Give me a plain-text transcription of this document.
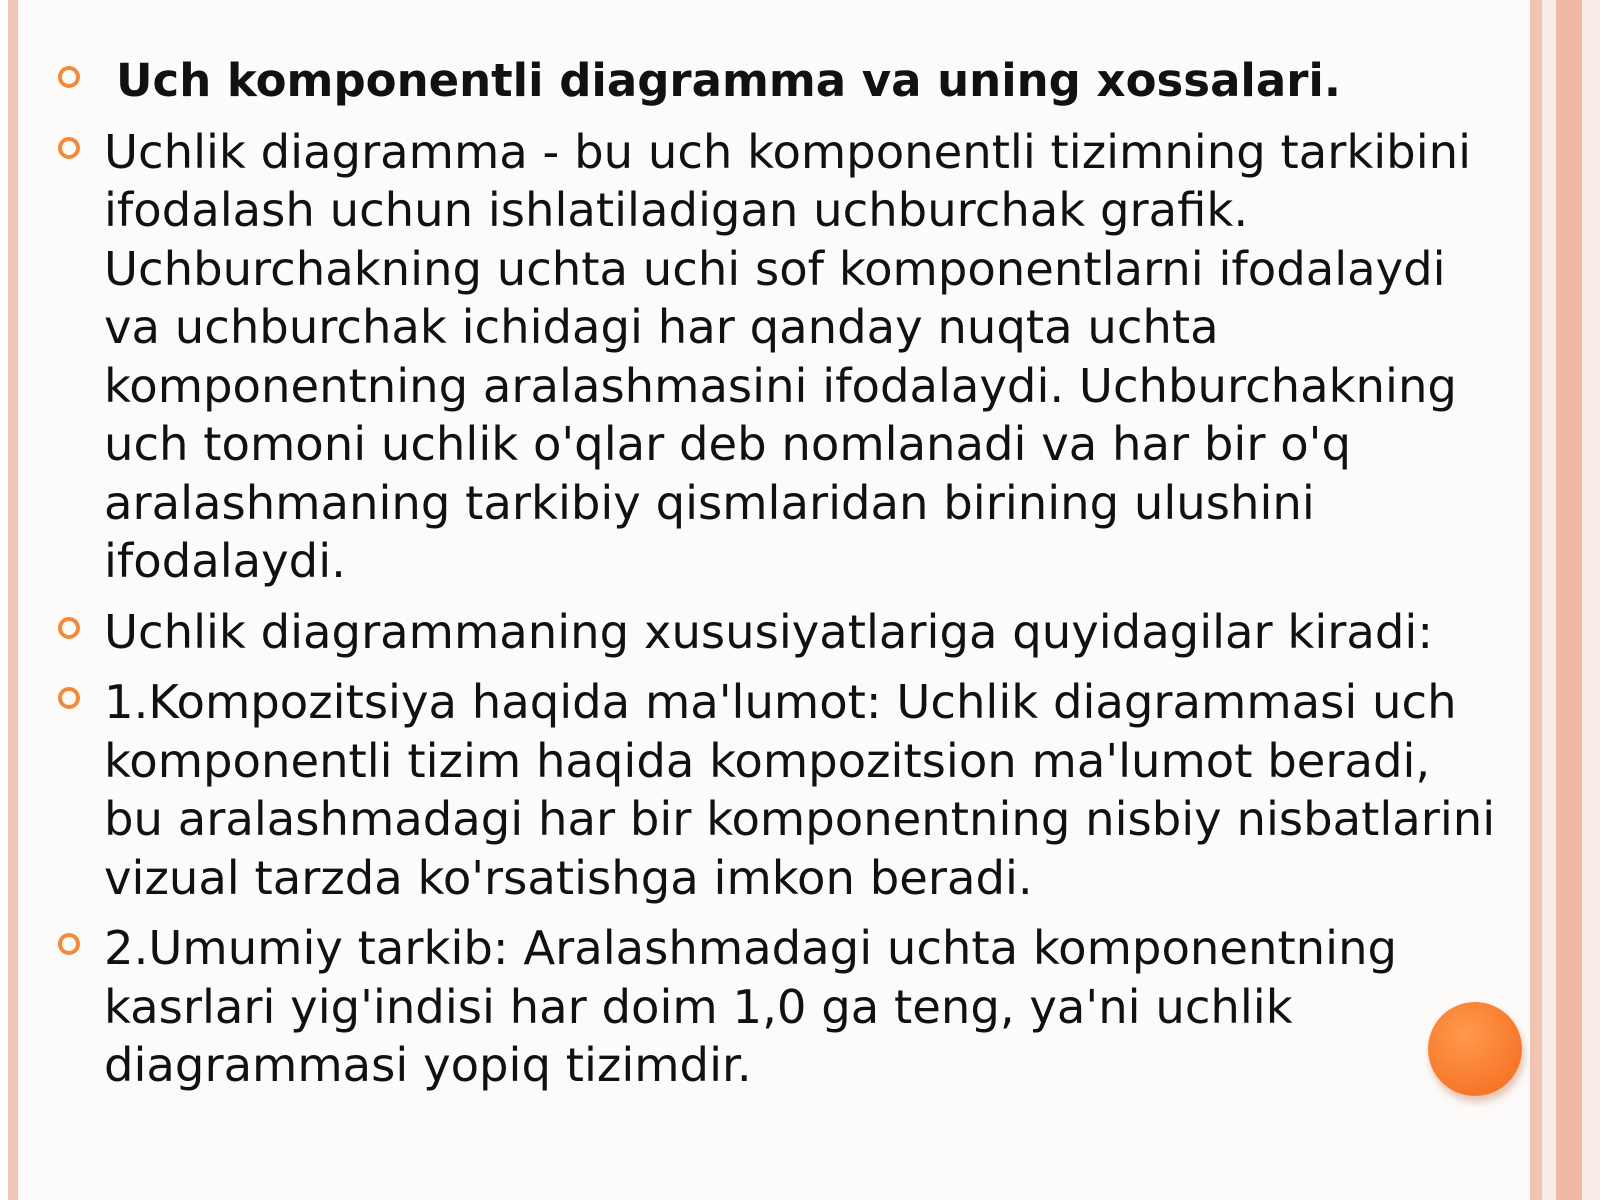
Uch komponentli diagramma va uning xossalari.
Uchlik diagramma - bu uch komponentli tizimning tarkibini ifodalash uchun ishlatiladigan uchburchak grafik. Uchburchakning uchta uchi sof komponentlarni ifodalaydi va uchburchak ichidagi har qanday nuqta uchta komponentning aralashmasini ifodalaydi. Uchburchakning uch tomoni uchlik o'qlar deb nomlanadi va har bir o'q aralashmaning tarkibiy qismlaridan birining ulushini ifodalaydi.
Uchlik diagrammaning xususiyatlariga quyidagilar kiradi:
1.Kompozitsiya haqida ma'lumot: Uchlik diagrammasi uch komponentli tizim haqida kompozitsion ma'lumot beradi, bu aralashmadagi har bir komponentning nisbiy nisbatlarini vizual tarzda ko'rsatishga imkon beradi.
2.Umumiy tarkib: Aralashmadagi uchta komponentning kasrlari yig'indisi har doim 1,0 ga teng, ya'ni uchlik diagrammasi yopiq tizimdir.
